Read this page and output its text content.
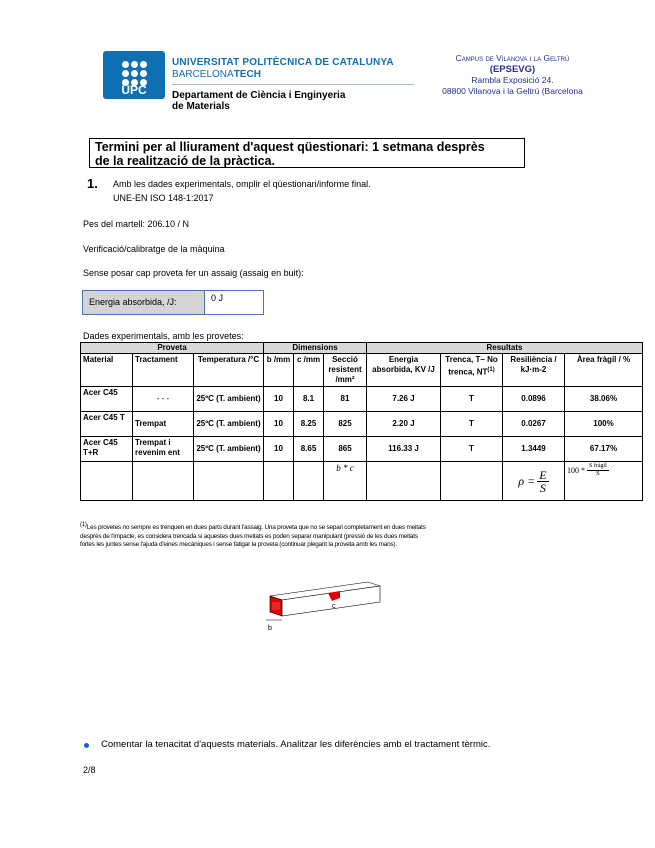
UPC
UNIVERSITAT POLITÈCNICA DE CATALUNYA
BARCELONATECH
Departament de Ciència i Enginyeria
de Materials
Campus de Vilanova i la Geltrú
(EPSEVG)
Rambla Exposició 24.
08800 Vilanova i la Geltrú (Barcelona
Termini per al lliurament d'aquest qüestionari: 1 setmana desprès
de la realització de la pràctica.
1. Amb les dades experimentals, omplir el qüestionari/informe final.
UNE-EN ISO 148-1:2017
Pes del martell: 206.10 / N
Verificació/calibratge de la màquina
Sense posar cap proveta fer un assaig (assaig en buit):
Energia absorbida, /J:	0 J
Dades experimentals, amb les provetes:
Proveta			Dimensions			Resultats			
Material	Tractament	Temperatura /°C	b /mm	c /mm	Secció resistent /mm²	Energia absorbida, KV /J	Trenca, T– No trenca, NT$^{(1)}$	Resiliència / kJ·m-2	Àrea fràgil / %
Acer C45	- - -	25ºC (T. ambient)	10	8.1	81	7.26 J	T	0.0896	38.06%
Acer C45 T	Trempat	25ºC (T. ambient)	10	8.25	825	2.20 J	T	0.0267	100%
Acer C45 T+R	Trempat i revenim ent	25ºC (T. ambient)	10	8.65	865	116.33 J	T	1.3449	67.17%
					b * c			$\rho = \frac{E}{S}$	$100 * \frac{\text{S fràgil}}{S}$
$^{(1)}$Les provetes no sempre es trenquen en dues parts durant l'assaig. Una proveta que no se separi completament en dues meitats
després de l'impacte, es considera trencada si aquestes dues meitats es poden separar manipulant (pressió de les dues meitats
fortes les juntes sense l'ajuda d'eines mecàniques i sense fatigar la proveta (continuar plegant la proveta amb les mans).
c
b
Comentar la tenacitat d'aquests materials. Analitzar les diferències amb el tractament tèrmic.
2/8
